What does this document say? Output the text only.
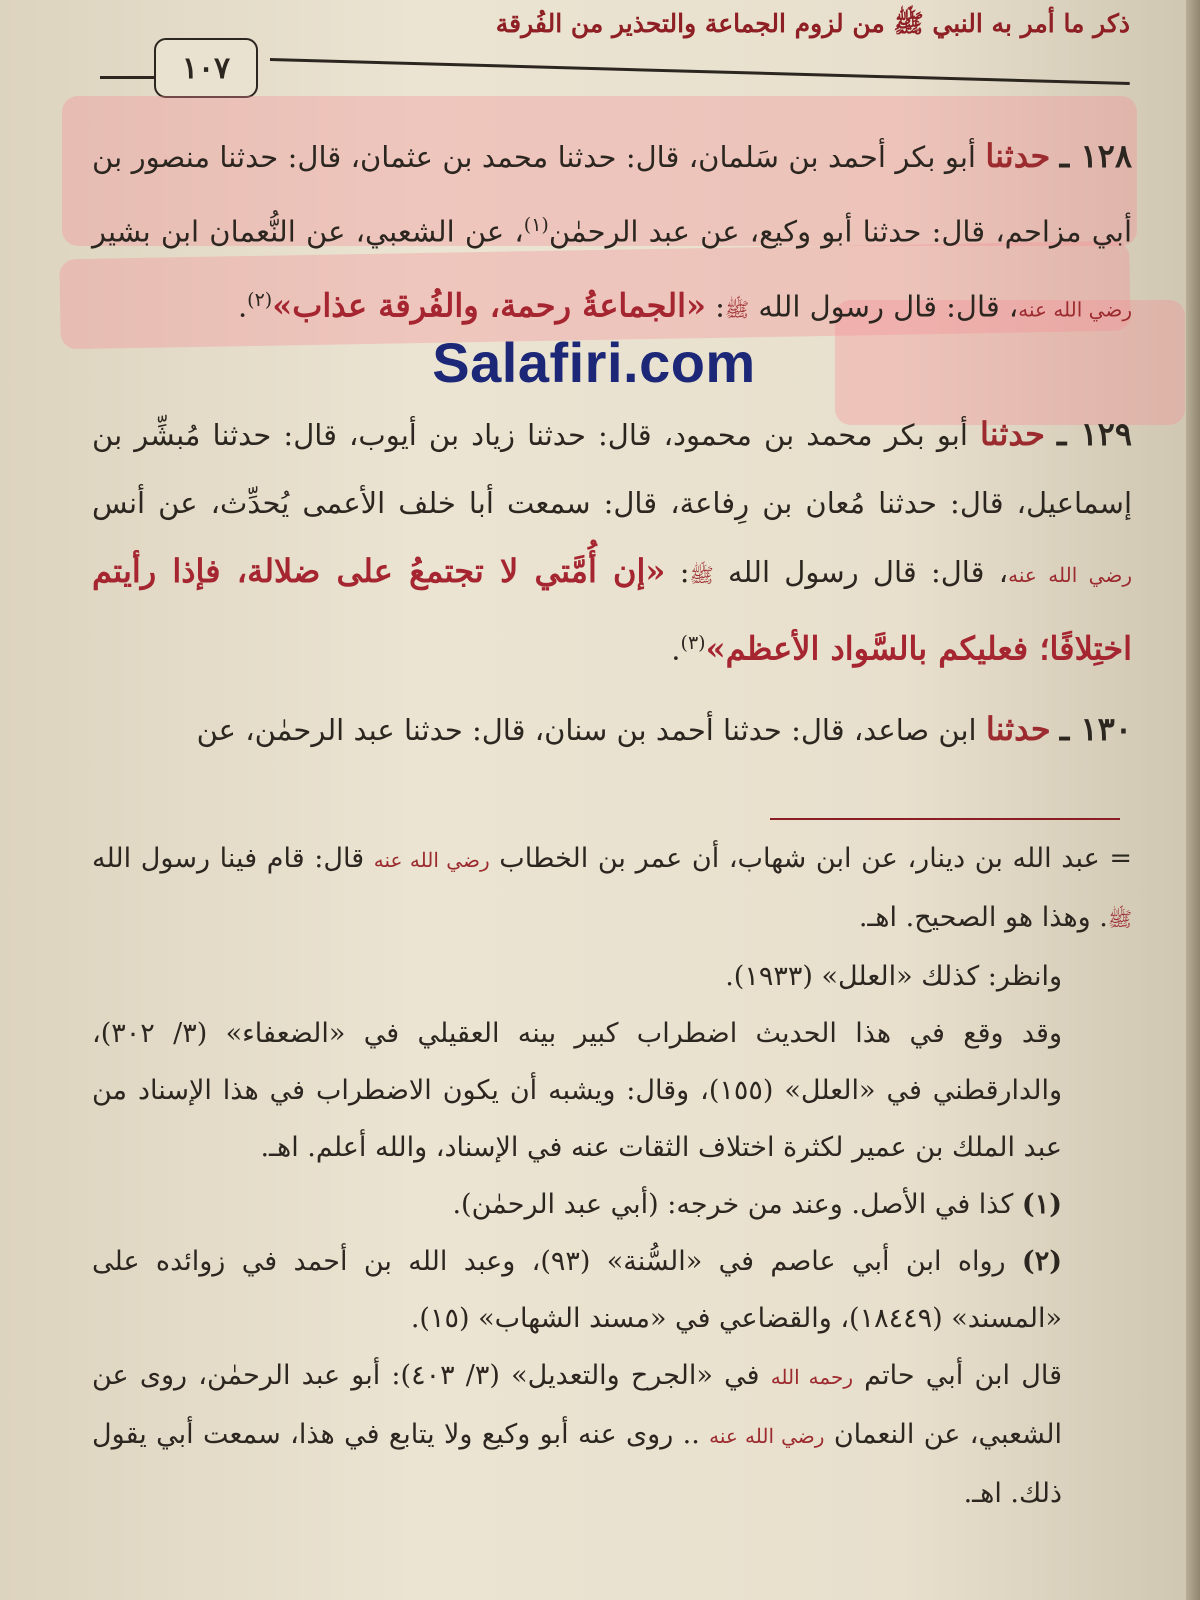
ذكر ما أمر به النبي ﷺ من لزوم الجماعة والتحذير من الفُرقة
١٠٧
Salafiri.com
١٢٨ ـ حدثنا أبو بكر أحمد بن سَلمان، قال: حدثنا محمد بن عثمان، قال: حدثنا منصور بن أبي مزاحم، قال: حدثنا أبو وكيع، عن عبد الرحمٰن$^{(١)}$، عن الشعبي، عن النُّعمان ابن بشير رضي الله عنه، قال: قال رسول الله ﷺ: «الجماعةُ رحمة، والفُرقة عذاب»$^{(٢)}$.
١٢٩ ـ حدثنا أبو بكر محمد بن محمود، قال: حدثنا زياد بن أيوب، قال: حدثنا مُبشِّر بن إسماعيل، قال: حدثنا مُعان بن رِفاعة، قال: سمعت أبا خلف الأعمى يُحدِّث، عن أنس رضي الله عنه، قال: قال رسول الله ﷺ: «إن أُمَّتي لا تجتمعُ على ضلالة، فإذا رأيتم اختِلافًا؛ فعليكم بالسَّواد الأعظم»$^{(٣)}$.
١٣٠ ـ حدثنا ابن صاعد، قال: حدثنا أحمد بن سنان، قال: حدثنا عبد الرحمٰن، عن

= عبد الله بن دينار، عن ابن شهاب، أن عمر بن الخطاب رضي الله عنه قال: قام فينا رسول الله ﷺ. وهذا هو الصحيح. اهـ.

وانظر: كذلك «العلل» (١٩٣٣).

وقد وقع في هذا الحديث اضطراب كبير بينه العقيلي في «الضعفاء» (٣/ ٣٠٢)، والدارقطني في «العلل» (١٥٥)، وقال: ويشبه أن يكون الاضطراب في هذا الإسناد من عبد الملك بن عمير لكثرة اختلاف الثقات عنه في الإسناد، والله أعلم. اهـ.

(١) كذا في الأصل. وعند من خرجه: (أبي عبد الرحمٰن).

(٢) رواه ابن أبي عاصم في «السُّنة» (٩٣)، وعبد الله بن أحمد في زوائده على «المسند» (١٨٤٤٩)، والقضاعي في «مسند الشهاب» (١٥).

قال ابن أبي حاتم رحمه الله في «الجرح والتعديل» (٣/ ٤٠٣): أبو عبد الرحمٰن، روى عن الشعبي، عن النعمان رضي الله عنه .. روى عنه أبو وكيع ولا يتابع في هذا، سمعت أبي يقول ذلك. اهـ.
